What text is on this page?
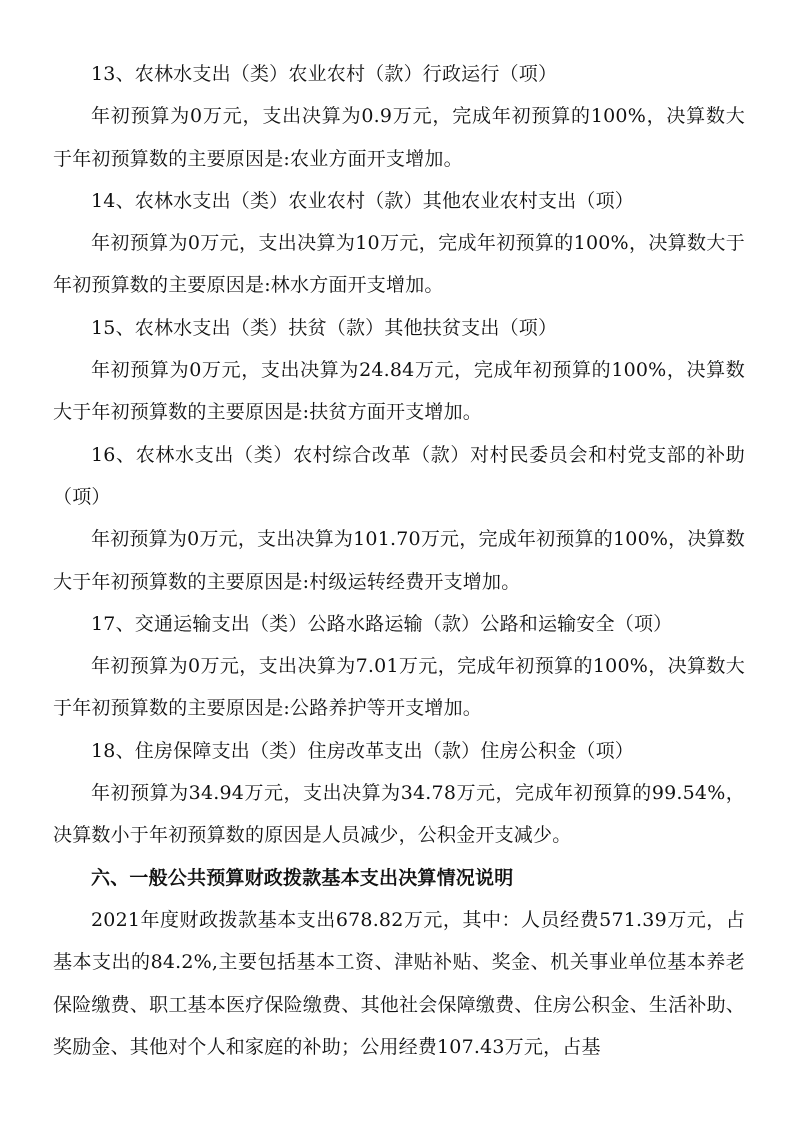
13、农林水支出（类）农业农村（款）行政运行（项）

年初预算为0万元，支出决算为0.9万元，完成年初预算的100%，决算数大于年初预算数的主要原因是:农业方面开支增加。

14、农林水支出（类）农业农村（款）其他农业农村支出（项）

年初预算为0万元，支出决算为10万元，完成年初预算的100%，决算数大于年初预算数的主要原因是:林水方面开支增加。

15、农林水支出（类）扶贫（款）其他扶贫支出（项）

年初预算为0万元，支出决算为24.84万元，完成年初预算的100%，决算数大于年初预算数的主要原因是:扶贫方面开支增加。

16、农林水支出（类）农村综合改革（款）对村民委员会和村党支部的补助（项）

年初预算为0万元，支出决算为101.70万元，完成年初预算的100%，决算数大于年初预算数的主要原因是:村级运转经费开支增加。

17、交通运输支出（类）公路水路运输（款）公路和运输安全（项）

年初预算为0万元，支出决算为7.01万元，完成年初预算的100%，决算数大于年初预算数的主要原因是:公路养护等开支增加。

18、住房保障支出（类）住房改革支出（款）住房公积金（项）

年初预算为34.94万元，支出决算为34.78万元，完成年初预算的99.54%，决算数小于年初预算数的原因是人员减少，公积金开支减少。

六、一般公共预算财政拨款基本支出决算情况说明

2021年度财政拨款基本支出678.82万元，其中：人员经费571.39万元，占基本支出的84.2%,主要包括基本工资、津贴补贴、奖金、机关事业单位基本养老保险缴费、职工基本医疗保险缴费、其他社会保障缴费、住房公积金、生活补助、奖励金、其他对个人和家庭的补助；公用经费107.43万元，占基
